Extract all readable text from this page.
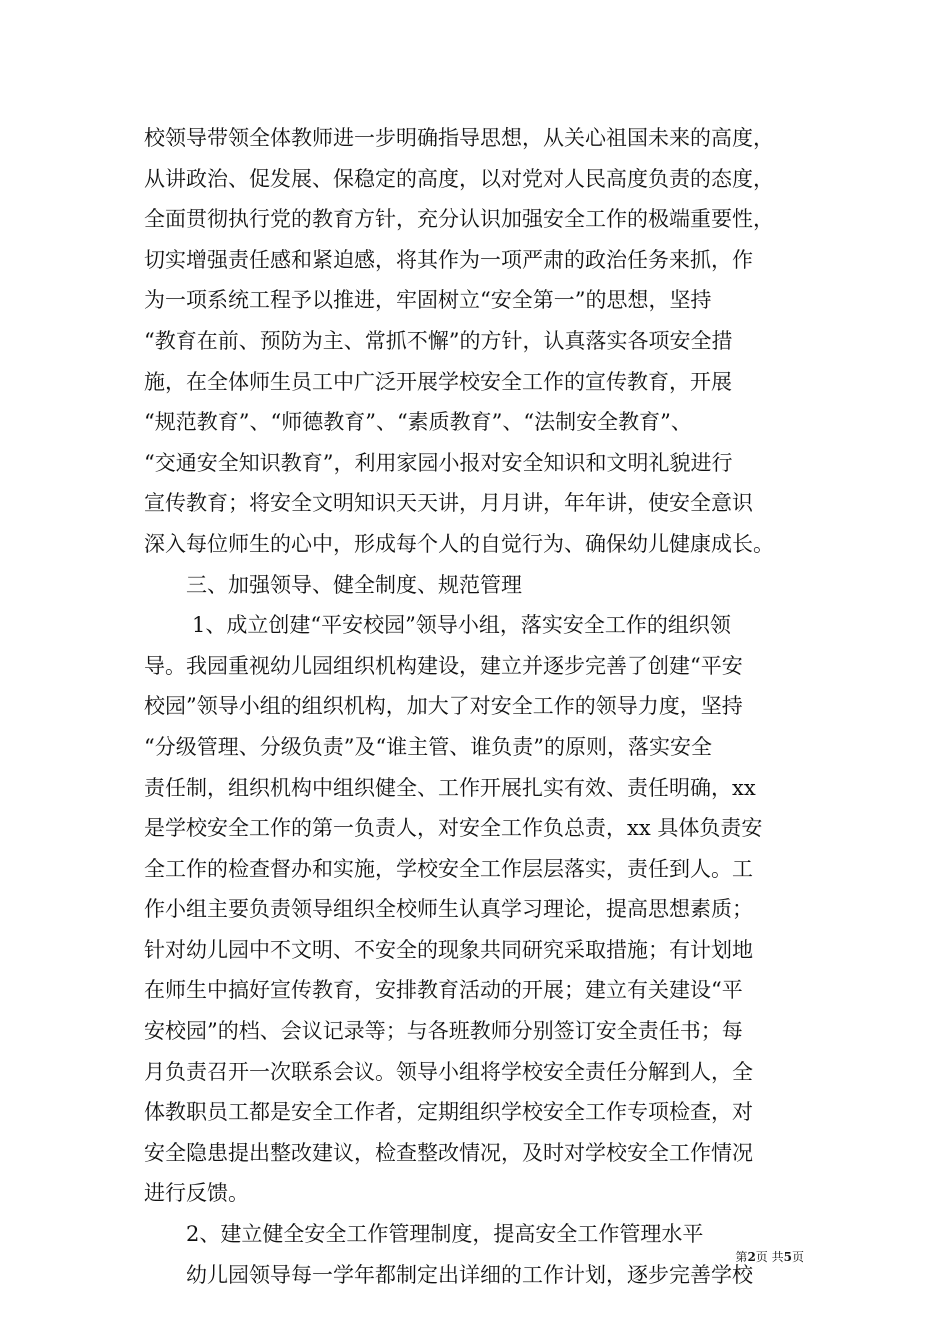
校领导带领全体教师进一步明确指导思想，从关心祖国未来的高度，
从讲政治、促发展、保稳定的高度，以对党对人民高度负责的态度，
全面贯彻执行党的教育方针，充分认识加强安全工作的极端重要性，
切实增强责任感和紧迫感，将其作为一项严肃的政治任务来抓，作
为一项系统工程予以推进，牢固树立“安全第一”的思想，坚持
“教育在前、预防为主、常抓不懈”的方针，认真落实各项安全措
施，在全体师生员工中广泛开展学校安全工作的宣传教育，开展
“规范教育”、“师德教育”、“素质教育”、“法制安全教育”、
“交通安全知识教育”，利用家园小报对安全知识和文明礼貌进行
宣传教育；将安全文明知识天天讲，月月讲，年年讲，使安全意识
深入每位师生的心中，形成每个人的自觉行为、确保幼儿健康成长。
三、加强领导、健全制度、规范管理
1、成立创建“平安校园”领导小组，落实安全工作的组织领
导。我园重视幼儿园组织机构建设，建立并逐步完善了创建“平安
校园”领导小组的组织机构，加大了对安全工作的领导力度，坚持
“分级管理、分级负责”及“谁主管、谁负责”的原则，落实安全
责任制，组织机构中组织健全、工作开展扎实有效、责任明确，xx
是学校安全工作的第一负责人，对安全工作负总责，xx 具体负责安
全工作的检查督办和实施，学校安全工作层层落实，责任到人。工
作小组主要负责领导组织全校师生认真学习理论，提高思想素质；
针对幼儿园中不文明、不安全的现象共同研究采取措施；有计划地
在师生中搞好宣传教育，安排教育活动的开展；建立有关建设“平
安校园”的档、会议记录等；与各班教师分别签订安全责任书；每
月负责召开一次联系会议。领导小组将学校安全责任分解到人，全
体教职员工都是安全工作者，定期组织学校安全工作专项检查，对
安全隐患提出整改建议，检查整改情况，及时对学校安全工作情况
进行反馈。
2、建立健全安全工作管理制度，提高安全工作管理水平
幼儿园领导每一学年都制定出详细的工作计划，逐步完善学校
第2页 共5页
